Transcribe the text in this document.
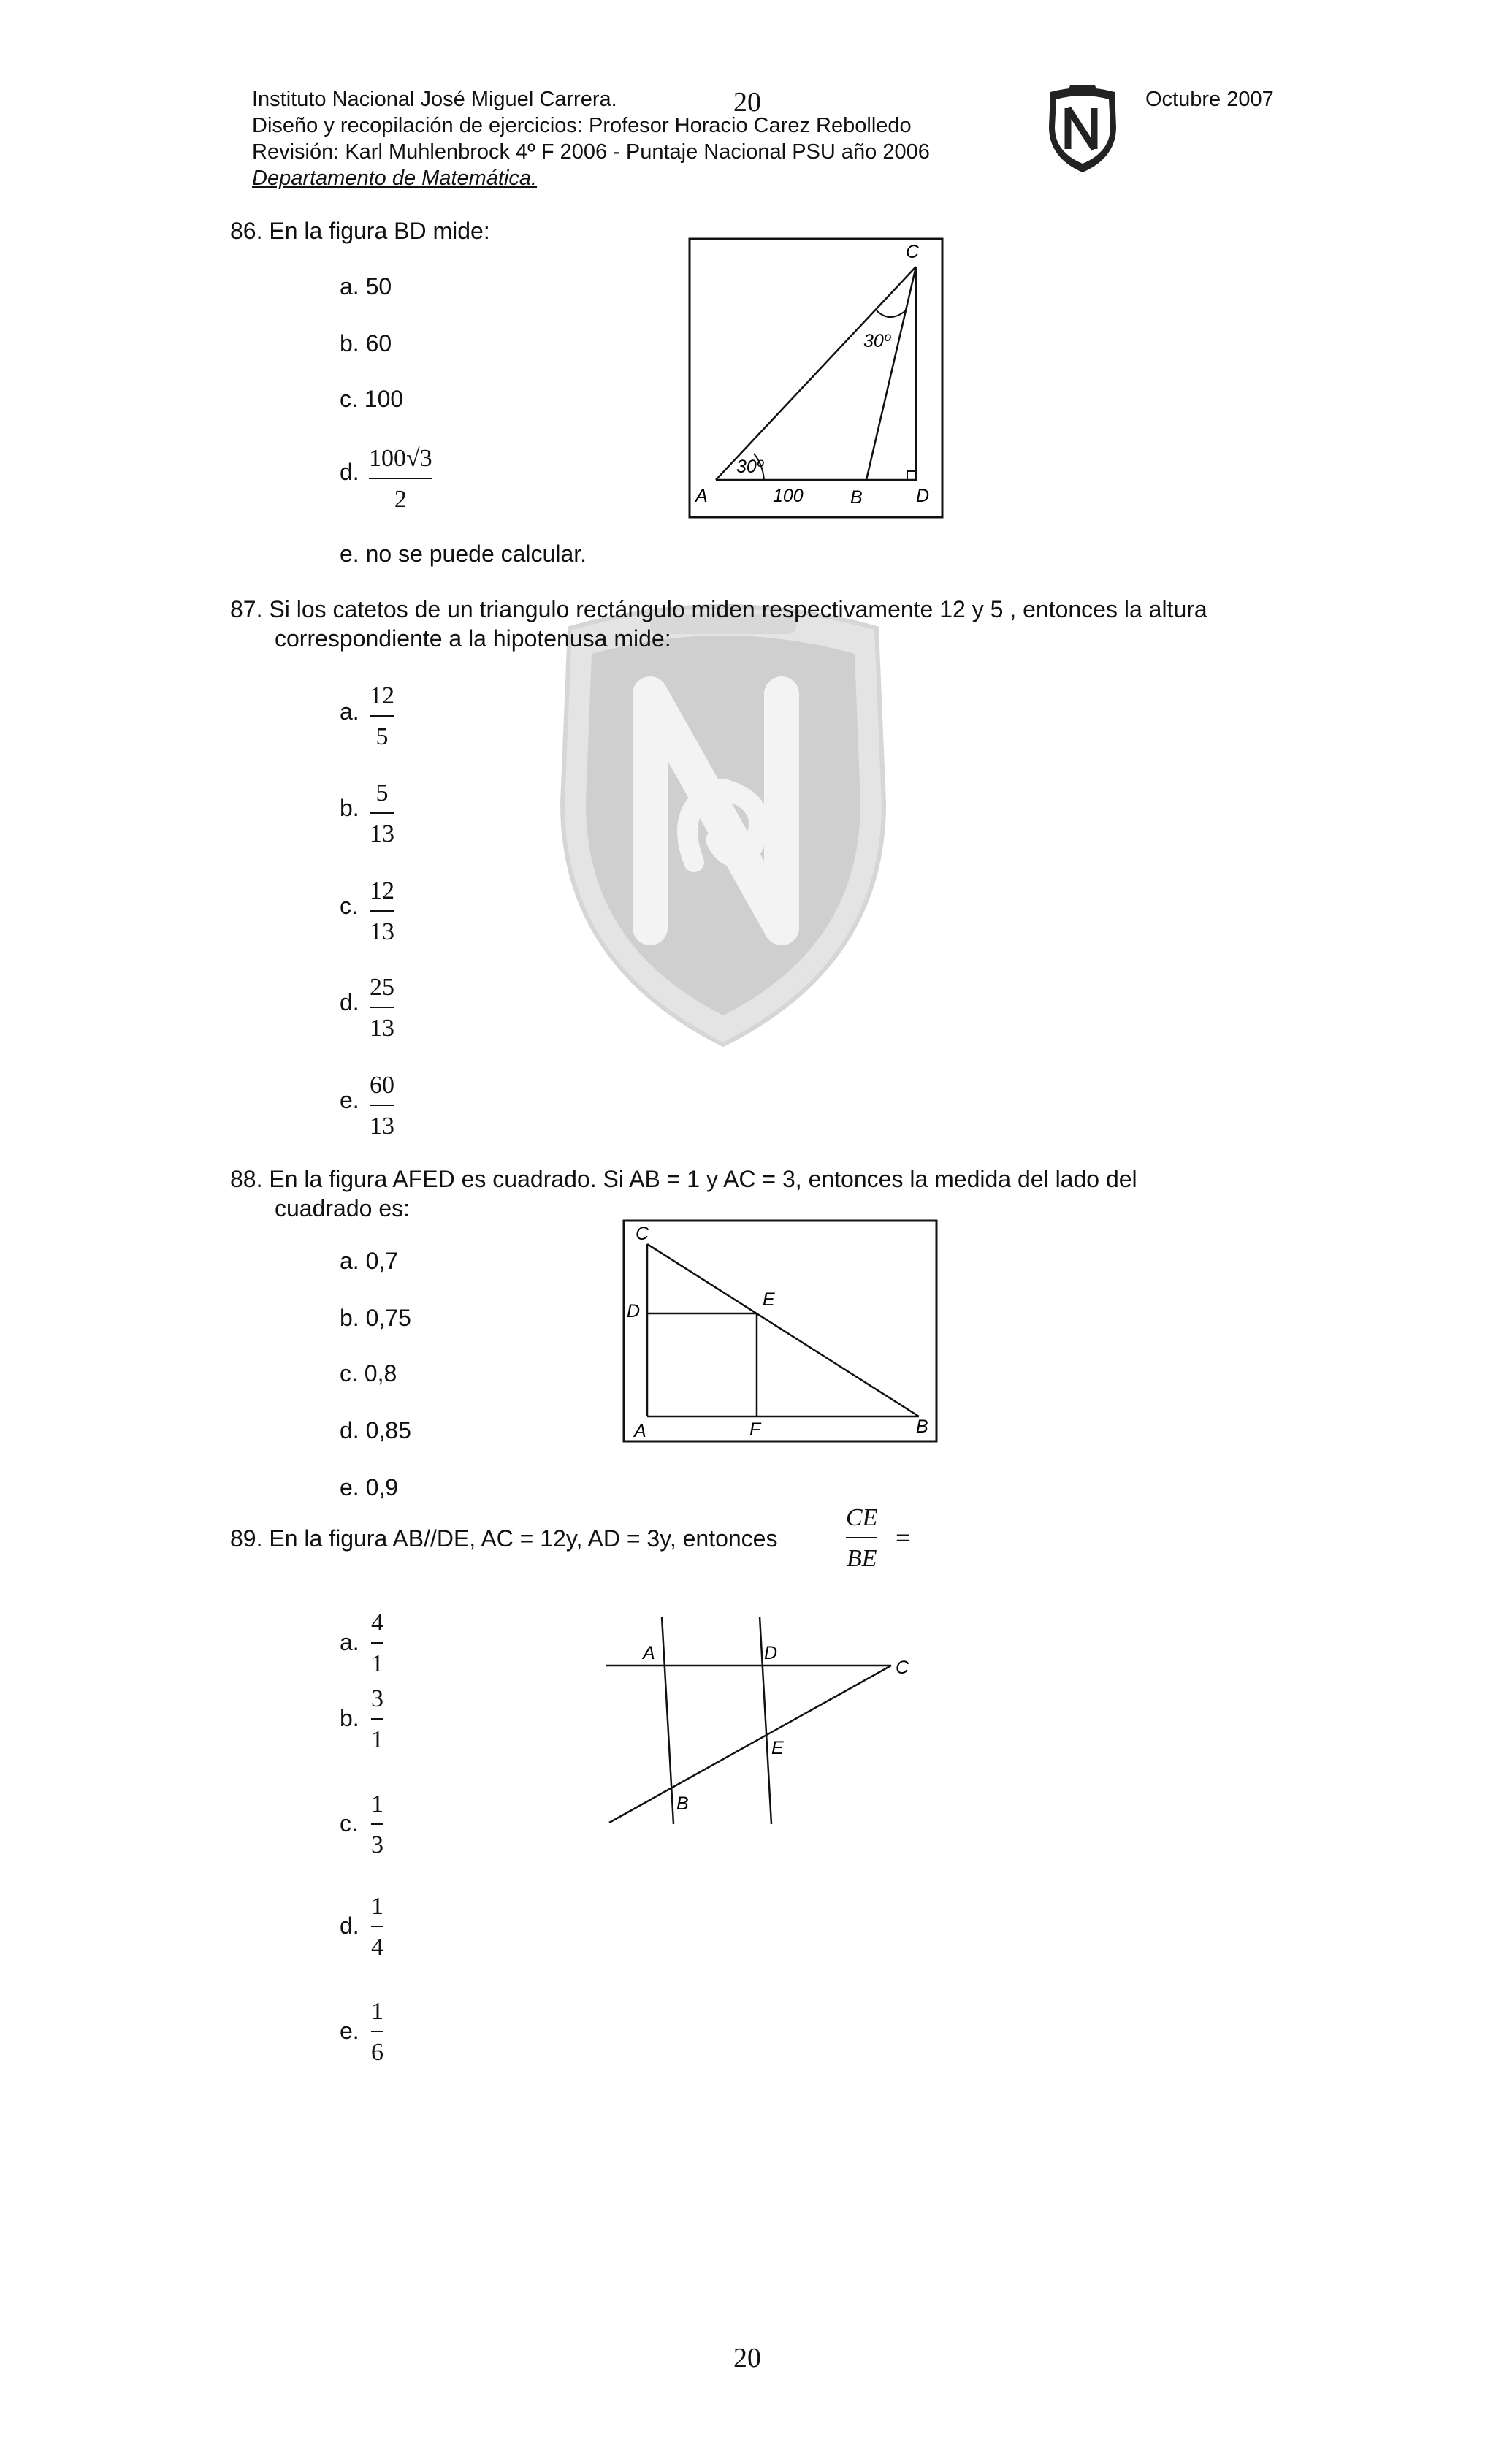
Instituto Nacional José Miguel Carrera.
Diseño y recopilación de ejercicios: Profesor Horacio Carez Rebolledo
Revisión: Karl Muhlenbrock 4º F 2006 - Puntaje Nacional PSU año 2006
Departamento de Matemática.
20	Octubre 2007
86. En la figura BD mide:
a. 50
b. 60
c. 100
d. 100√3
2
e. no se puede calcular.
C
A	B	D
100
30º
30º
87. Si los catetos de un triangulo rectángulo miden respectivamente 12 y 5 , entonces la altura
correspondiente a la hipotenusa mide:
a.
12
5
b.
5
13
c.
12
13
d.
25
13
e.
60
13
88. En la figura AFED es cuadrado. Si AB = 1 y AC = 3, entonces la medida del lado del
cuadrado es:
a. 0,7
b. 0,75
c. 0,8
d. 0,85
e. 0,9
C
D
E
A	F	B
89. En la figura AB//DE, AC = 12y, AD = 3y, entonces
CE
BE
=
a.
4
1
b.
3
1
c.
1
3
d.
1
4
e.
1
6
A	D
C
E
B
20
